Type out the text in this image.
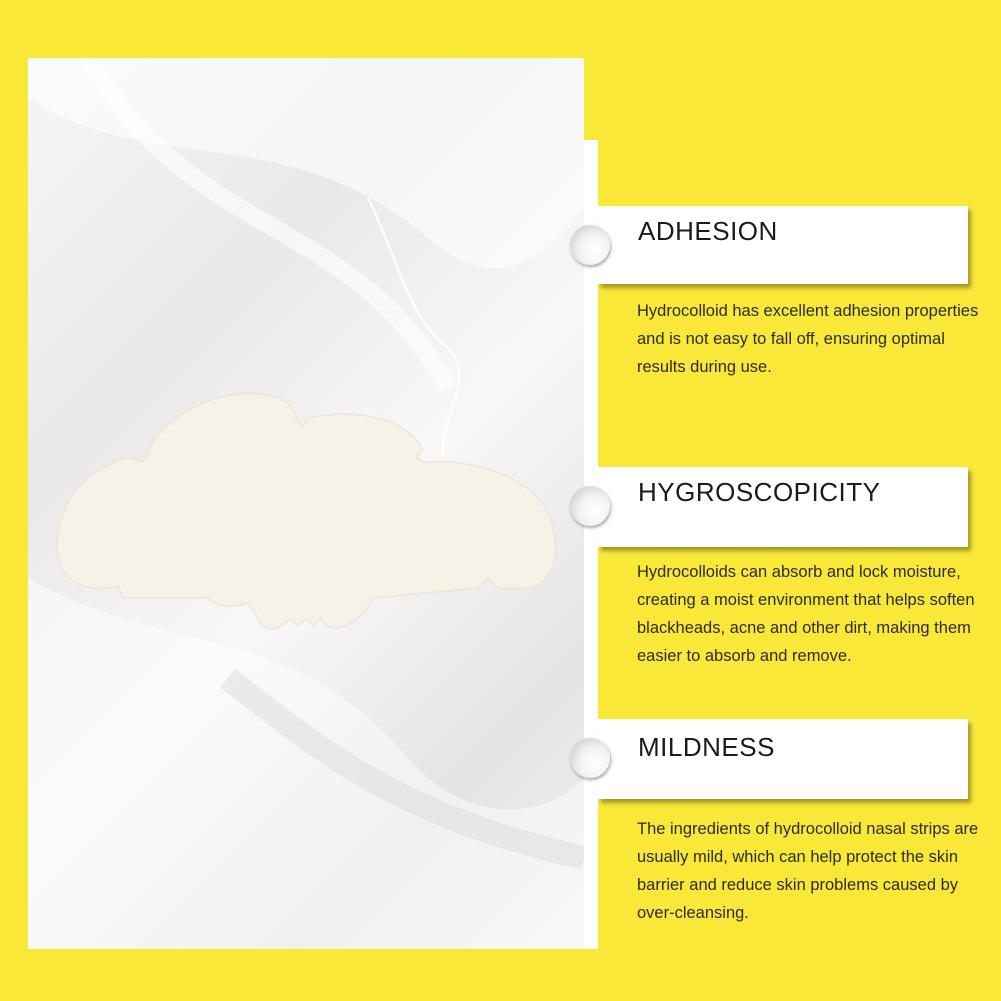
ADHESION
Hydrocolloid has excellent adhesion properties and is not easy to fall off, ensuring optimal results during use.
HYGROSCOPICITY
Hydrocolloids can absorb and lock moisture, creating a moist environment that helps soften blackheads, acne and other dirt, making them easier to absorb and remove.
MILDNESS
The ingredients of hydrocolloid nasal strips are usually mild, which can help protect the skin barrier and reduce skin problems caused by over-cleansing.
